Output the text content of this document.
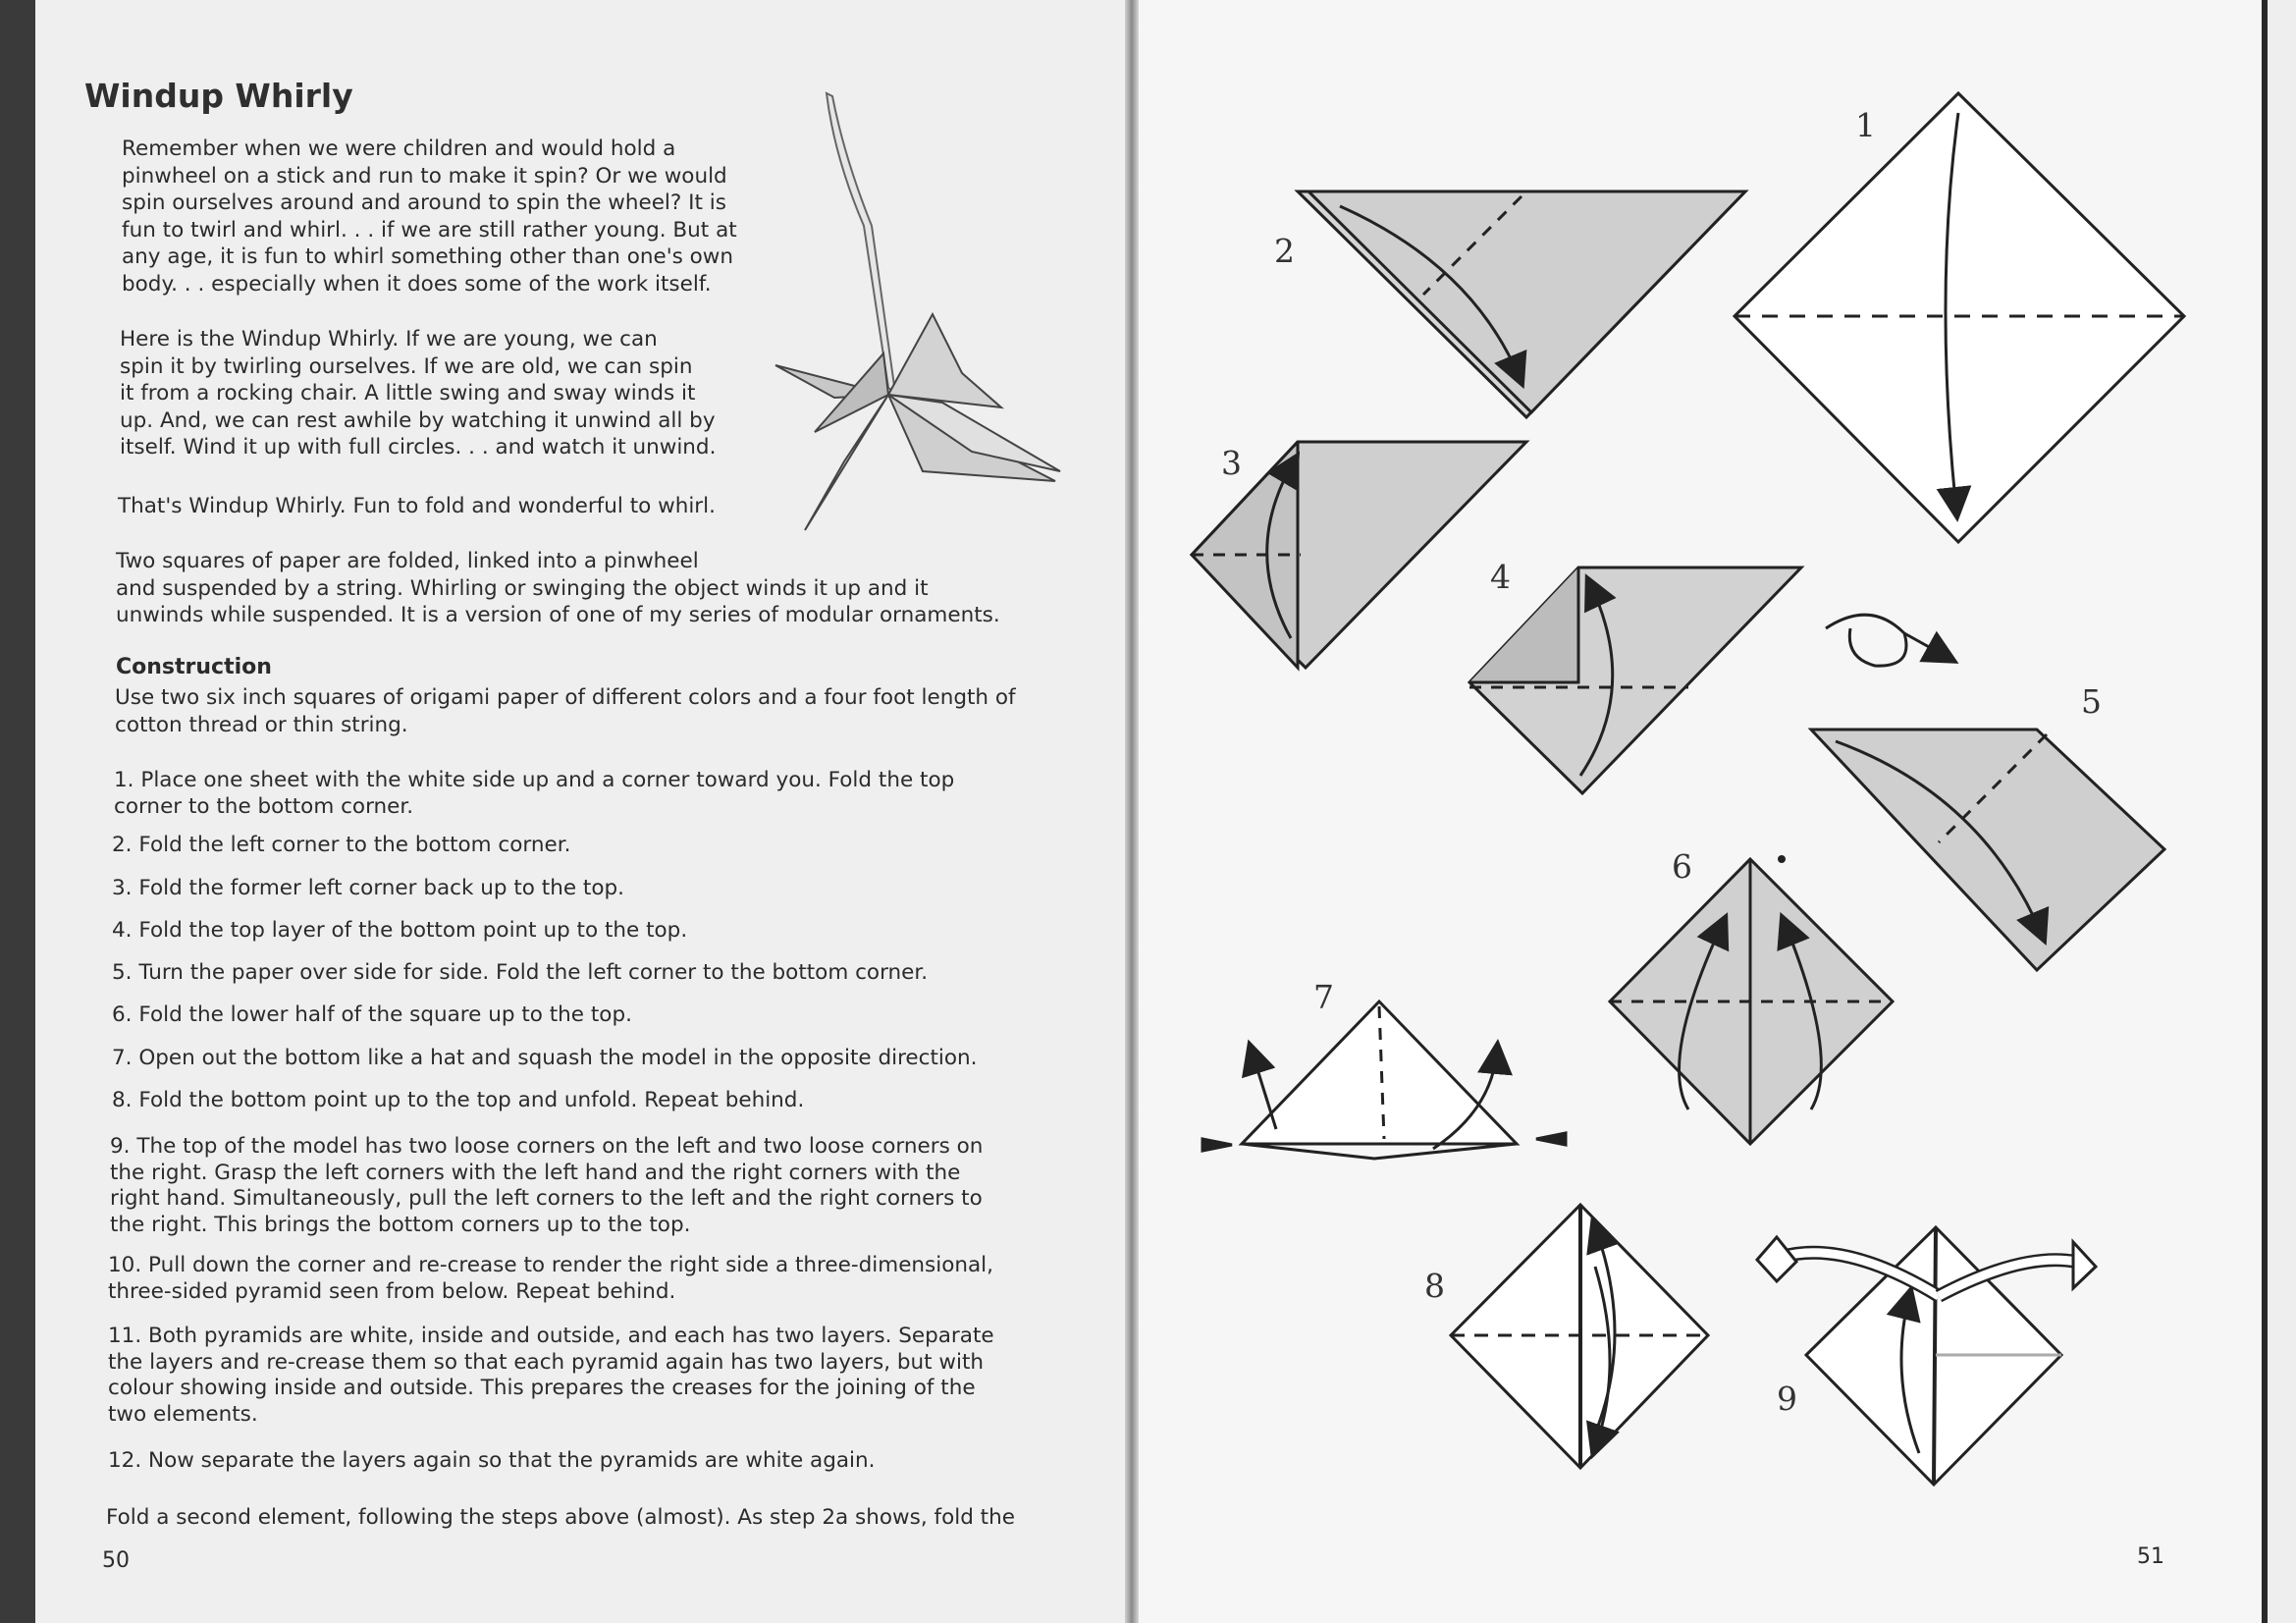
Windup Whirly

Remember when we were children and would hold a
pinwheel on a stick and run to make it spin? Or we would
spin ourselves around and around to spin the wheel? It is
fun to twirl and whirl. . . if we are still rather young. But at
any age, it is fun to whirl something other than one's own
body. . . especially when it does some of the work itself.

Here is the Windup Whirly. If we are young, we can
spin it by twirling ourselves. If we are old, we can spin
it from a rocking chair. A little swing and sway winds it
up. And, we can rest awhile by watching it unwind all by
itself. Wind it up with full circles. . . and watch it unwind.

That's Windup Whirly. Fun to fold and wonderful to whirl.

Two squares of paper are folded, linked into a pinwheel
and suspended by a string. Whirling or swinging the object winds it up and it
unwinds while suspended. It is a version of one of my series of modular ornaments.

Construction

Use two six inch squares of origami paper of different colors and a four foot length of
cotton thread or thin string.

1. Place one sheet with the white side up and a corner toward you. Fold the top
corner to the bottom corner.
2. Fold the left corner to the bottom corner.
3. Fold the former left corner back up to the top.
4. Fold the top layer of the bottom point up to the top.
5. Turn the paper over side for side. Fold the left corner to the bottom corner.
6. Fold the lower half of the square up to the top.
7. Open out the bottom like a hat and squash the model in the opposite direction.
8. Fold the bottom point up to the top and unfold. Repeat behind.
9. The top of the model has two loose corners on the left and two loose corners on
the right. Grasp the left corners with the left hand and the right corners with the
right hand. Simultaneously, pull the left corners to the left and the right corners to
the right. This brings the bottom corners up to the top.
10. Pull down the corner and re-crease to render the right side a three-dimensional,
three-sided pyramid seen from below. Repeat behind.
11. Both pyramids are white, inside and outside, and each has two layers. Separate
the layers and re-crease them so that each pyramid again has two layers, but with
colour showing inside and outside. This prepares the creases for the joining of the
two elements.
12. Now separate the layers again so that the pyramids are white again.
Fold a second element, following the steps above (almost). As step 2a shows, fold the
50
1
2
3
4
5
6
7
8
9
51
